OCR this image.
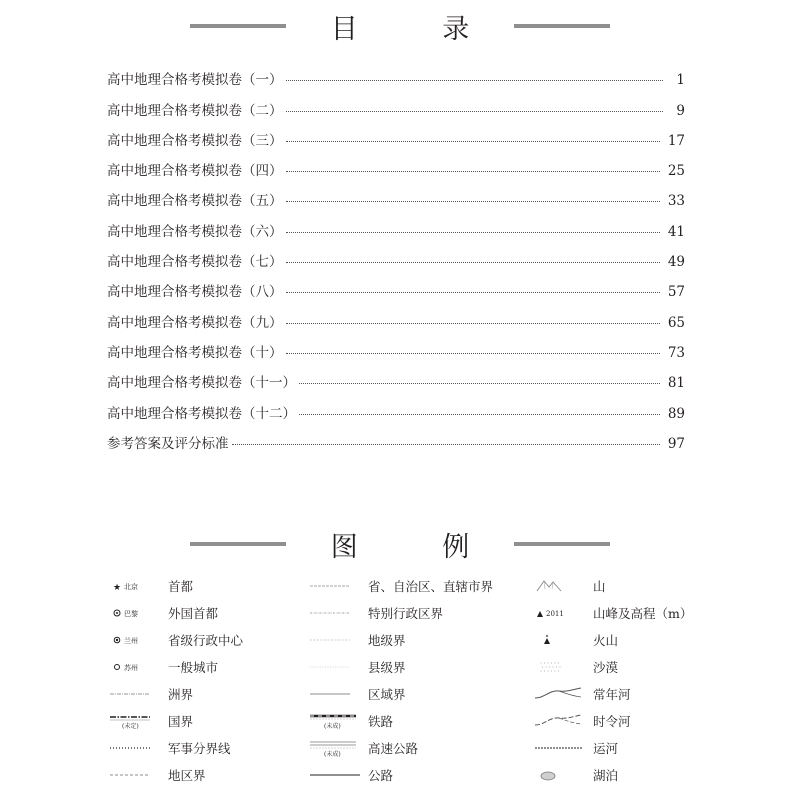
目 录
高中地理合格考模拟卷（一）	1
高中地理合格考模拟卷（二）	9
高中地理合格考模拟卷（三）	17
高中地理合格考模拟卷（四）	25
高中地理合格考模拟卷（五）	33
高中地理合格考模拟卷（六）	41
高中地理合格考模拟卷（七）	49
高中地理合格考模拟卷（八）	57
高中地理合格考模拟卷（九）	65
高中地理合格考模拟卷（十）	73
高中地理合格考模拟卷（十一）	81
高中地理合格考模拟卷（十二）	89
参考答案及评分标准	97
图 例
★ 北京 首都
巴黎 外国首都
兰州 省级行政中心
苏州 一般城市
洲界
(未定) 国界
军事分界线
地区界
省、自治区、直辖市界
特别行政区界
地级界
县级界
区域界
(未成) 铁路
(未成) 高速公路
公路
山
2011 山峰及高程（m）
火山
沙漠
常年河
时令河
运河
湖泊
